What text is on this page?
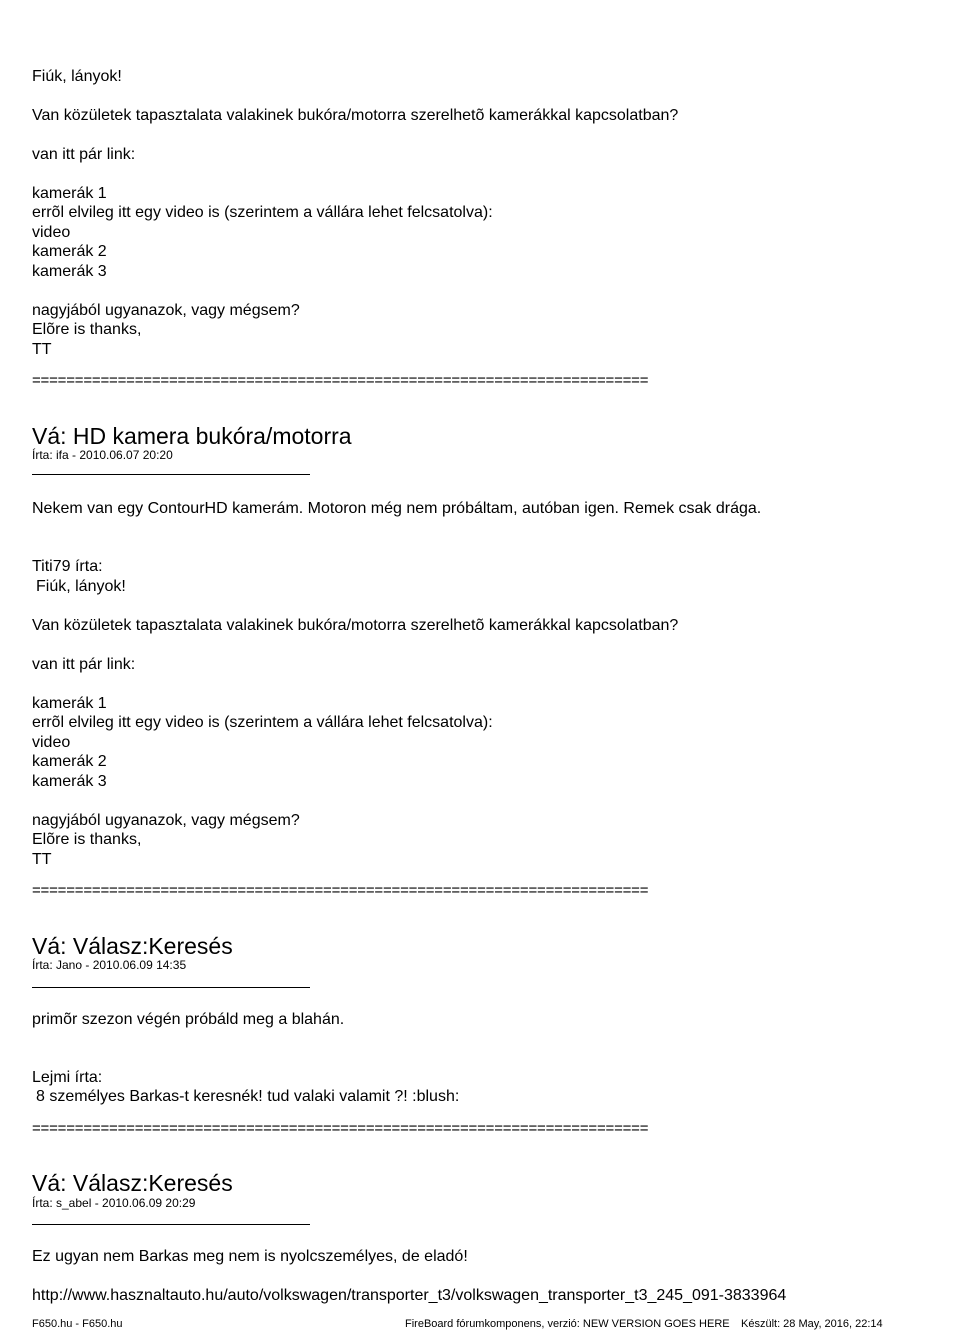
Fiúk, lányok!
Van közületek tapasztalata valakinek bukóra/motorra szerelhetõ kamerákkal kapcsolatban?
van itt pár link:
kamerák 1
errõl elvileg itt egy video is (szerintem a vállára lehet felcsatolva):
video
kamerák 2
kamerák 3
nagyjából ugyanazok, vagy mégsem?
Elõre is thanks,
TT
========================================================================
Vá: HD kamera bukóra/motorra
Írta: ifa - 2010.06.07 20:20
Nekem van egy ContourHD kamerám. Motoron még nem próbáltam, autóban igen. Remek csak drága.
Titi79 írta:
Fiúk, lányok!
Van közületek tapasztalata valakinek bukóra/motorra szerelhetõ kamerákkal kapcsolatban?
van itt pár link:
kamerák 1
errõl elvileg itt egy video is (szerintem a vállára lehet felcsatolva):
video
kamerák 2
kamerák 3
nagyjából ugyanazok, vagy mégsem?
Elõre is thanks,
TT
========================================================================
Vá: Válasz:Keresés
Írta: Jano - 2010.06.09 14:35
primõr szezon végén próbáld meg a blahán.
Lejmi írta:
8 személyes Barkas-t keresnék! tud valaki valamit ?! :blush:
========================================================================
Vá: Válasz:Keresés
Írta: s_abel - 2010.06.09 20:29
Ez ugyan nem Barkas meg nem is nyolcszemélyes, de eladó!
http://www.hasznaltauto.hu/auto/volkswagen/transporter_t3/volkswagen_transporter_t3_245_091-3833964
F650.hu - F650.hu	FireBoard fórumkomponens, verzió: NEW VERSION GOES HERE Készült: 28 May, 2016, 22:14
